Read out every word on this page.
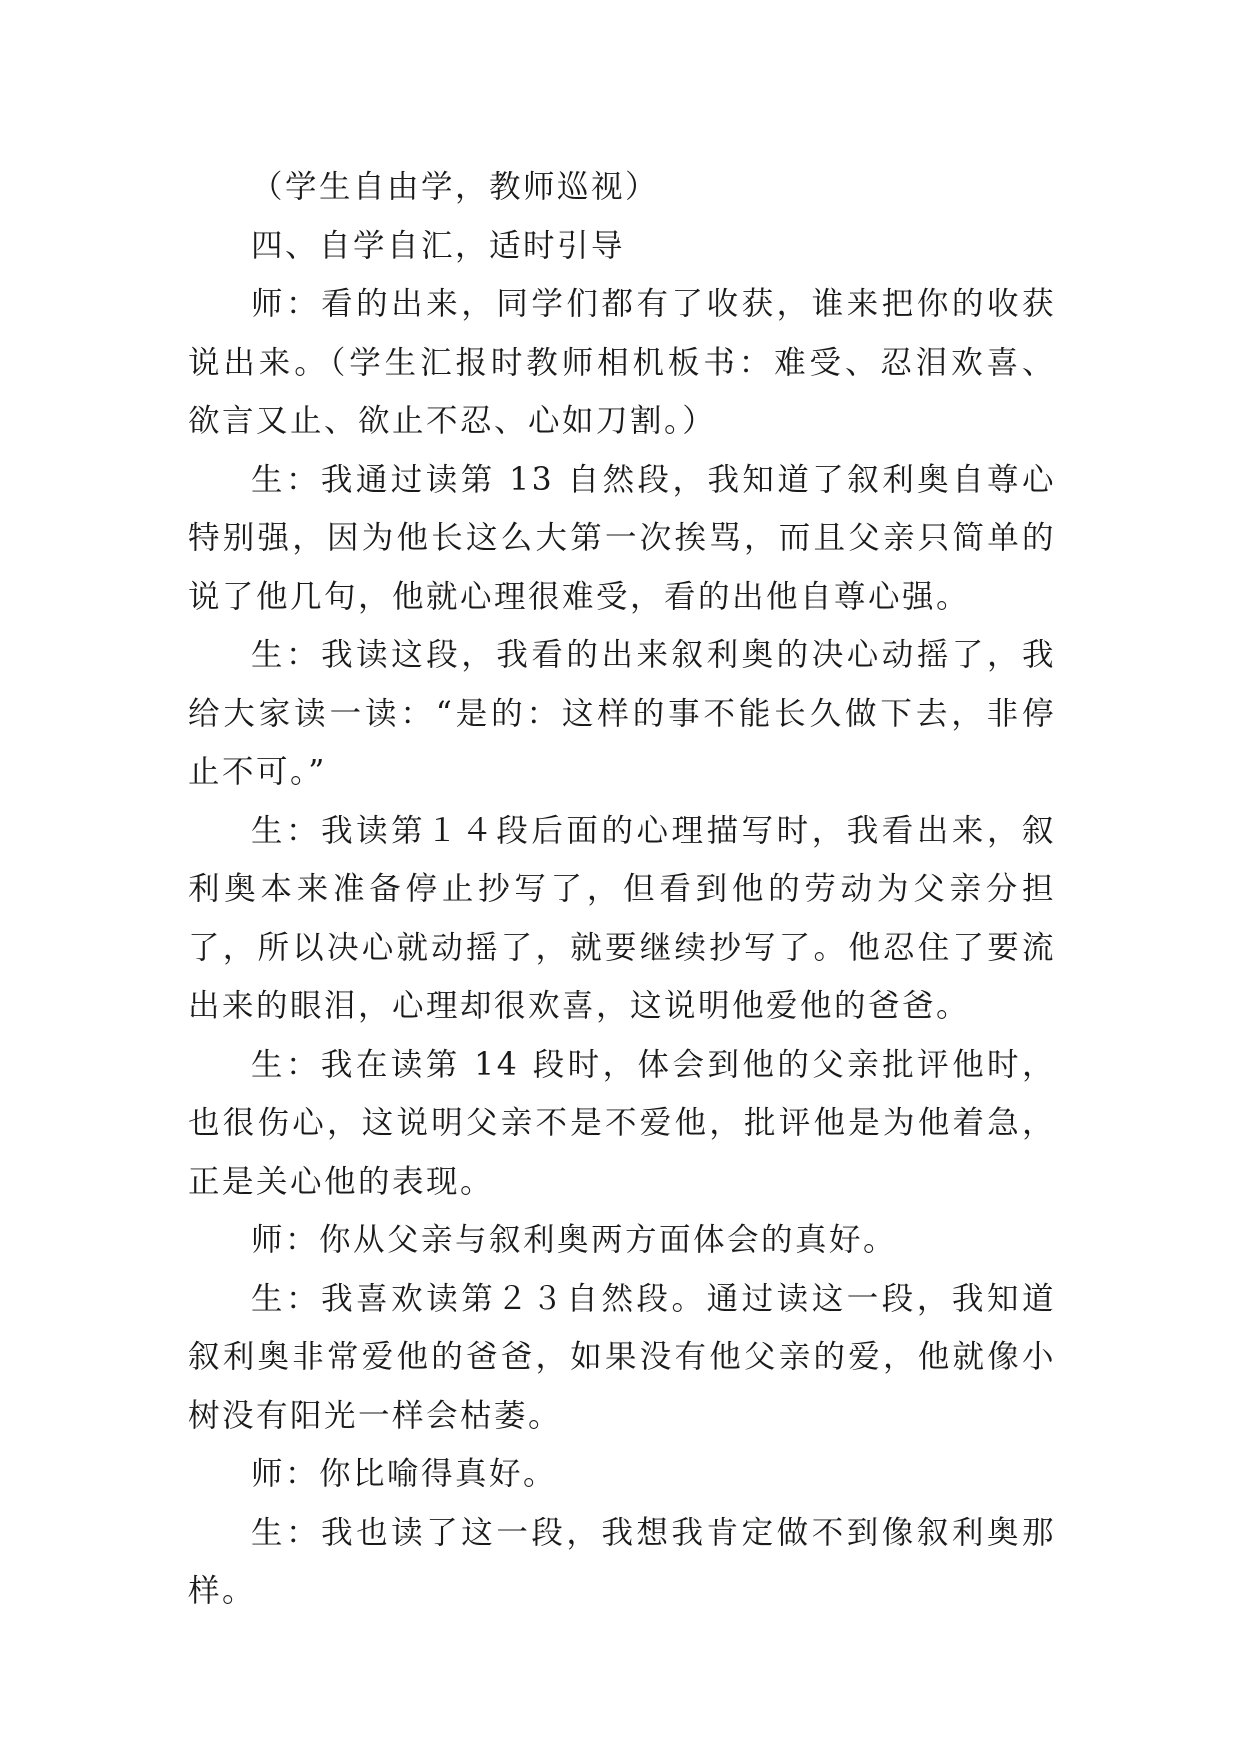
（学生自由学，教师巡视）

四、自学自汇，适时引导

师：看的出来，同学们都有了收获，谁来把你的收获说出来。（学生汇报时教师相机板书：难受、忍泪欢喜、欲言又止、欲止不忍、心如刀割。）

生：我通过读第 13 自然段，我知道了叙利奥自尊心特别强，因为他长这么大第一次挨骂，而且父亲只简单的说了他几句，他就心理很难受，看的出他自尊心强。

生：我读这段，我看的出来叙利奥的决心动摇了，我给大家读一读：“是的：这样的事不能长久做下去，非停止不可。”

生：我读第１４段后面的心理描写时，我看出来，叙利奥本来准备停止抄写了，但看到他的劳动为父亲分担了，所以决心就动摇了，就要继续抄写了。他忍住了要流出来的眼泪，心理却很欢喜，这说明他爱他的爸爸。

生：我在读第 14 段时，体会到他的父亲批评他时，也很伤心，这说明父亲不是不爱他，批评他是为他着急，正是关心他的表现。

师：你从父亲与叙利奥两方面体会的真好。

生：我喜欢读第２３自然段。通过读这一段，我知道叙利奥非常爱他的爸爸，如果没有他父亲的爱，他就像小树没有阳光一样会枯萎。

师：你比喻得真好。

生：我也读了这一段，我想我肯定做不到像叙利奥那样。
